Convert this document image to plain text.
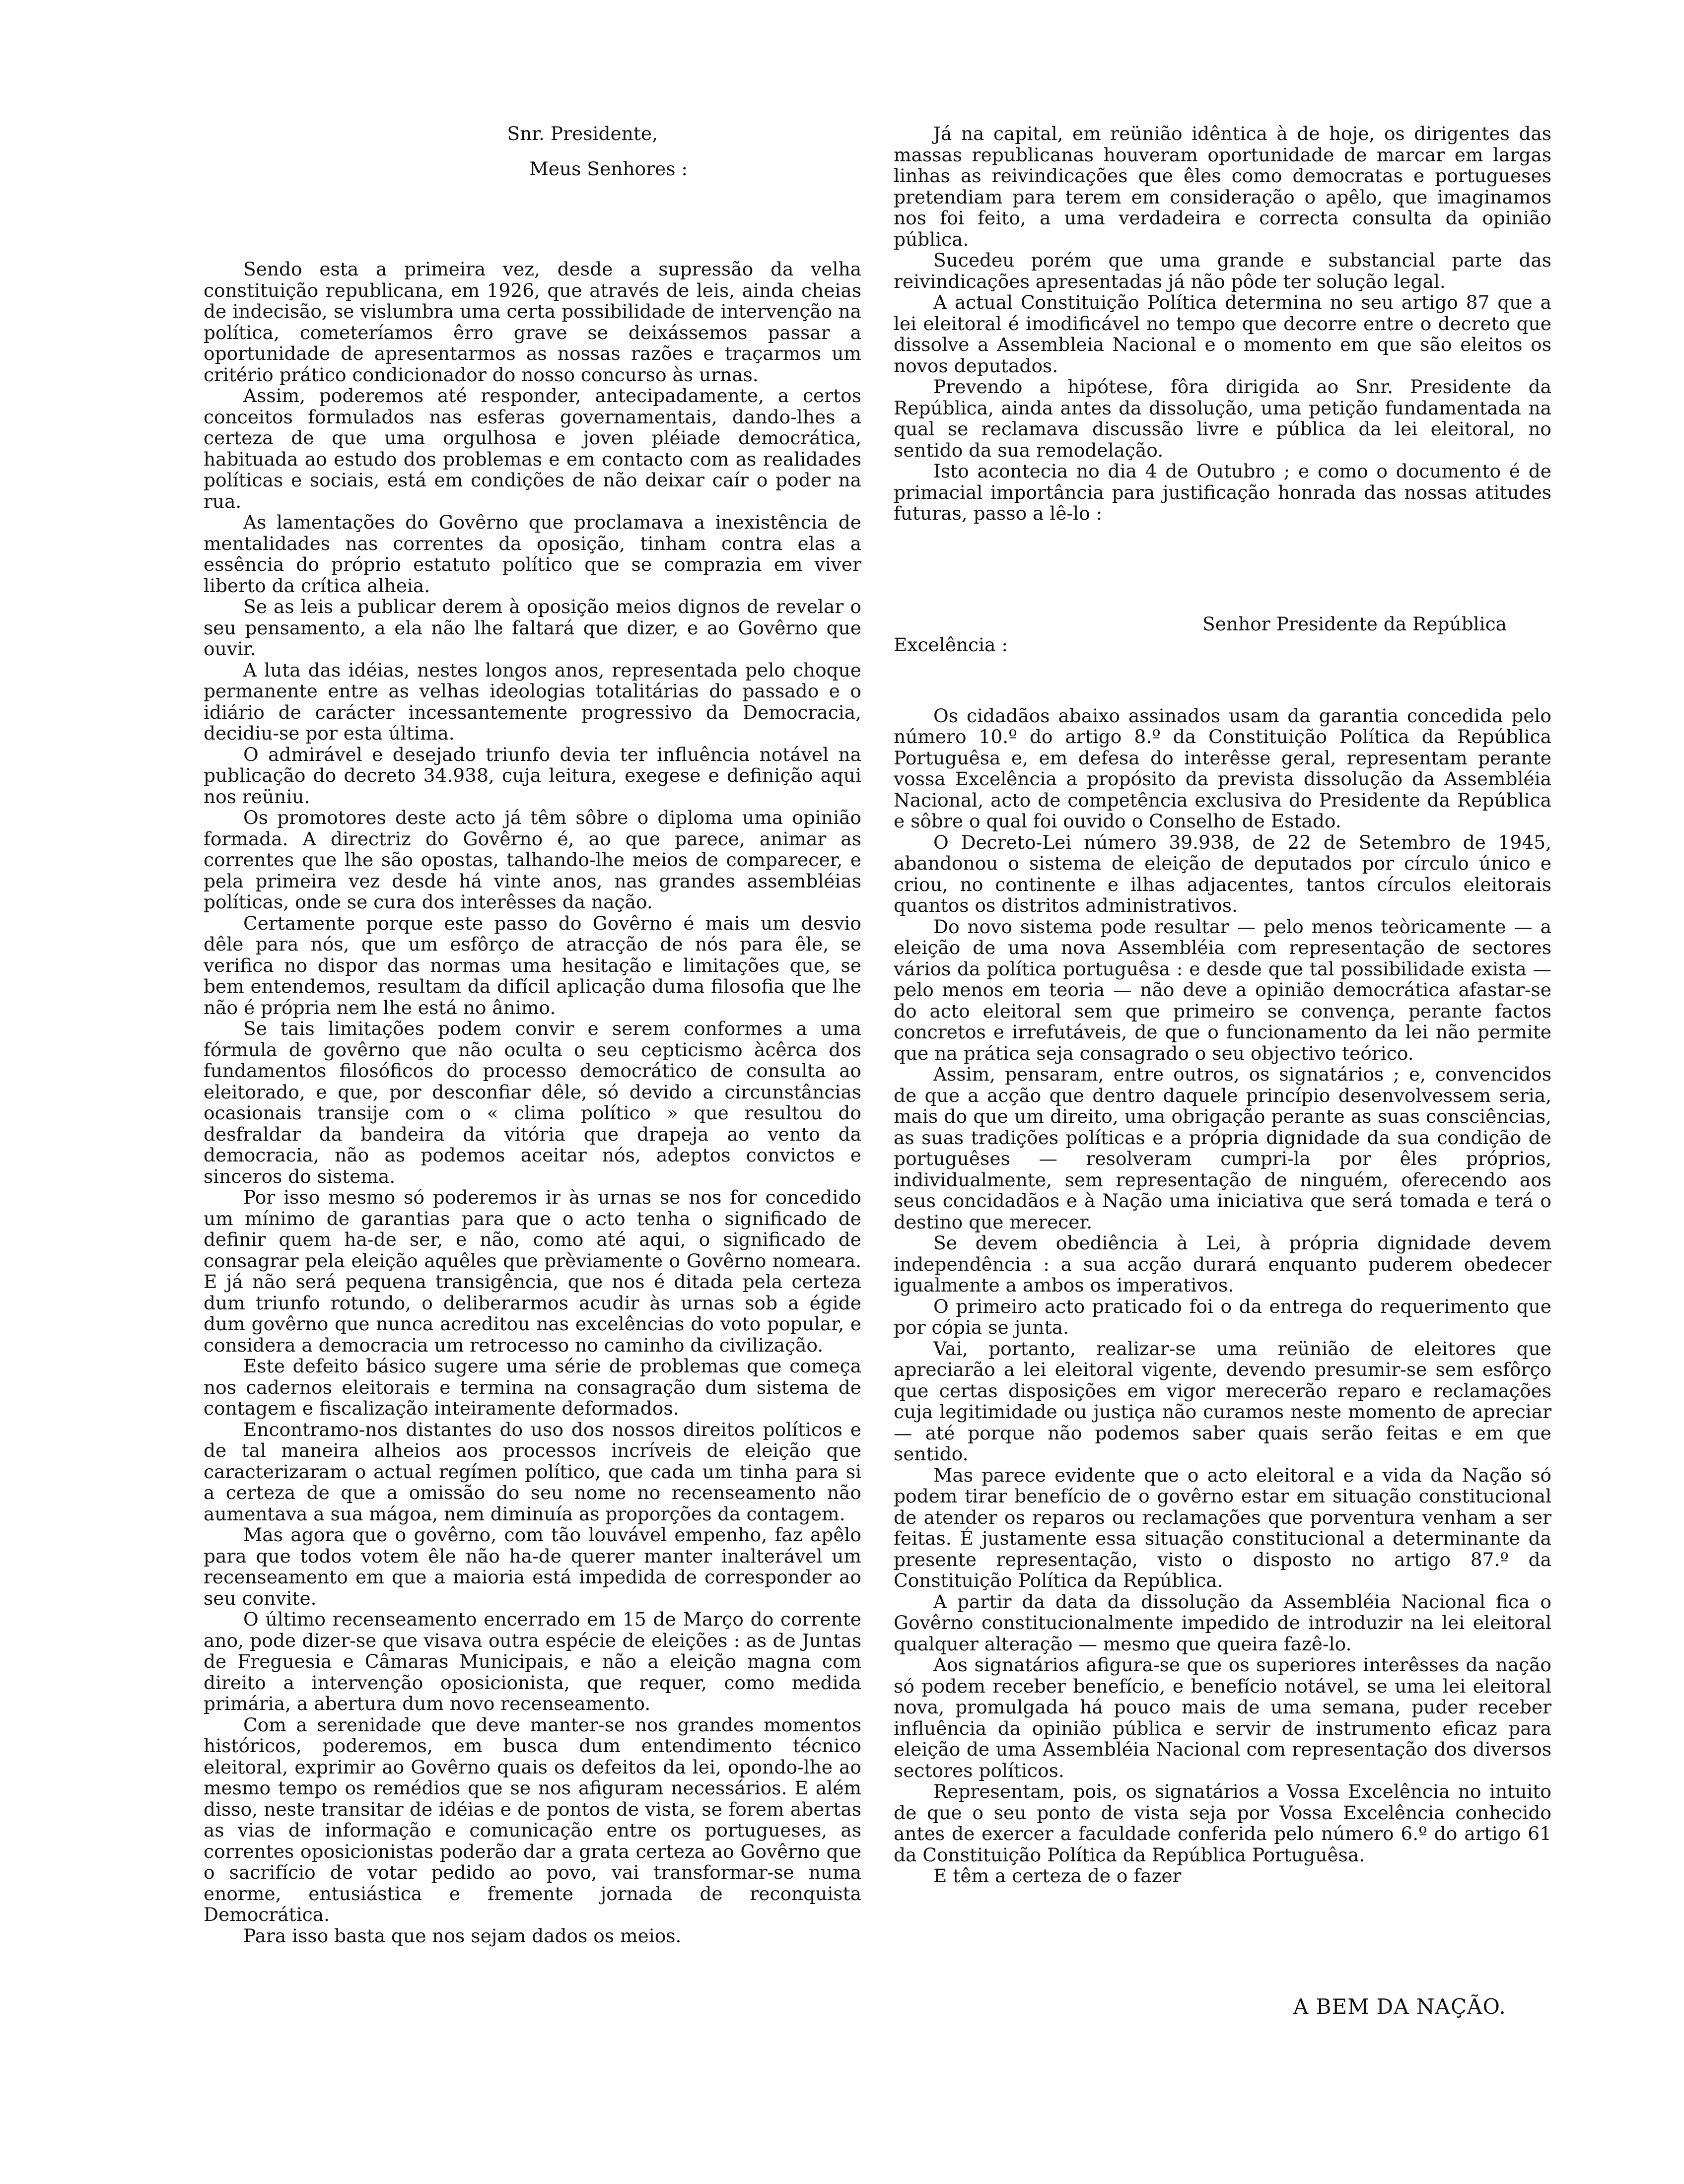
Snr. Presidente,

Meus Senhores :

Sendo esta a primeira vez, desde a supressão da velha constituição republicana, em 1926, que através de leis, ainda cheias de indecisão, se vislumbra uma certa possibilidade de intervenção na política, cometeríamos êrro grave se deixássemos passar a oportunidade de apresentarmos as nossas razões e traçarmos um critério prático condicionador do nosso concurso às urnas.

Assim, poderemos até responder, antecipadamente, a certos conceitos formulados nas esferas governamentais, dando-lhes a certeza de que uma orgulhosa e joven pléiade democrática, habituada ao estudo dos problemas e em contacto com as realidades políticas e sociais, está em condições de não deixar caír o poder na rua.

As lamentações do Govêrno que proclamava a inexistência de mentalidades nas correntes da oposição, tinham contra elas a essência do próprio estatuto político que se comprazia em viver liberto da crítica alheia.

Se as leis a publicar derem à oposição meios dignos de revelar o seu pensamento, a ela não lhe faltará que dizer, e ao Govêrno que ouvir.

A luta das idéias, nestes longos anos, representada pelo choque permanente entre as velhas ideologias totalitárias do passado e o idiário de carácter incessantemente progressivo da Democracia, decidiu-se por esta última.

O admirável e desejado triunfo devia ter influência notável na publicação do decreto 34.938, cuja leitura, exegese e definição aqui nos reüniu.

Os promotores deste acto já têm sôbre o diploma uma opinião formada. A directriz do Govêrno é, ao que parece, animar as correntes que lhe são opostas, talhando-lhe meios de comparecer, e pela primeira vez desde há vinte anos, nas grandes assembléias políticas, onde se cura dos interêsses da nação.

Certamente porque este passo do Govêrno é mais um desvio dêle para nós, que um esfôrço de atracção de nós para êle, se verifica no dispor das normas uma hesitação e limitações que, se bem entendemos, resultam da difícil aplicação duma filosofia que lhe não é própria nem lhe está no ânimo.

Se tais limitações podem convir e serem conformes a uma fórmula de govêrno que não oculta o seu cepticismo àcêrca dos fundamentos filosóficos do processo democrático de consulta ao eleitorado, e que, por desconfiar dêle, só devido a circunstâncias ocasionais transije com o « clima político » que resultou do desfraldar da bandeira da vitória que drapeja ao vento da democracia, não as podemos aceitar nós, adeptos convictos e sinceros do sistema.

Por isso mesmo só poderemos ir às urnas se nos for concedido um mínimo de garantias para que o acto tenha o significado de definir quem ha-de ser, e não, como até aqui, o significado de consagrar pela eleição aquêles que prèviamente o Govêrno nomeara. E já não será pequena transigência, que nos é ditada pela certeza dum triunfo rotundo, o deliberarmos acudir às urnas sob a égide dum govêrno que nunca acreditou nas excelências do voto popular, e considera a democracia um retrocesso no caminho da civilização.

Este defeito básico sugere uma série de problemas que começa nos cadernos eleitorais e termina na consagração dum sistema de contagem e fiscalização inteiramente deformados.

Encontramo-nos distantes do uso dos nossos direitos políticos e de tal maneira alheios aos processos incríveis de eleição que caracterizaram o actual regímen político, que cada um tinha para si a certeza de que a omissão do seu nome no recenseamento não aumentava a sua mágoa, nem diminuía as proporções da contagem.

Mas agora que o govêrno, com tão louvável empenho, faz apêlo para que todos votem êle não ha-de querer manter inalterável um recenseamento em que a maioria está impedida de corresponder ao seu convite.

O último recenseamento encerrado em 15 de Março do corrente ano, pode dizer-se que visava outra espécie de eleições : as de Juntas de Freguesia e Câmaras Municipais, e não a eleição magna com direito a intervenção oposicionista, que requer, como medida primária, a abertura dum novo recenseamento.

Com a serenidade que deve manter-se nos grandes momentos históricos, poderemos, em busca dum entendimento técnico eleitoral, exprimir ao Govêrno quais os defeitos da lei, opondo-lhe ao mesmo tempo os remédios que se nos afiguram necessários. E além disso, neste transitar de idéias e de pontos de vista, se forem abertas as vias de informação e comunicação entre os portugueses, as correntes oposicionistas poderão dar a grata certeza ao Govêrno que o sacrifício de votar pedido ao povo, vai transformar-se numa enorme, entusiástica e fremente jornada de reconquista Democrática.

Para isso basta que nos sejam dados os meios.

Já na capital, em reünião idêntica à de hoje, os dirigentes das massas republicanas houveram oportunidade de marcar em largas linhas as reivindicações que êles como democratas e portugueses pretendiam para terem em consideração o apêlo, que imaginamos nos foi feito, a uma verdadeira e correcta consulta da opinião pública.

Sucedeu porém que uma grande e substancial parte das reivindicações apresentadas já não pôde ter solução legal.

A actual Constituição Política determina no seu artigo 87 que a lei eleitoral é imodificável no tempo que decorre entre o decreto que dissolve a Assembleia Nacional e o momento em que são eleitos os novos deputados.

Prevendo a hipótese, fôra dirigida ao Snr. Presidente da República, ainda antes da dissolução, uma petição fundamentada na qual se reclamava discussão livre e pública da lei eleitoral, no sentido da sua remodelação.

Isto acontecia no dia 4 de Outubro ; e como o documento é de primacial importância para justificação honrada das nossas atitudes futuras, passo a lê-lo :

Senhor Presidente da República

Excelência :

Os cidadãos abaixo assinados usam da garantia concedida pelo número 10.º do artigo 8.º da Constituição Política da República Portuguêsa e, em defesa do interêsse geral, representam perante vossa Excelência a propósito da prevista dissolução da Assembléia Nacional, acto de competência exclusiva do Presidente da República e sôbre o qual foi ouvido o Conselho de Estado.

O Decreto-Lei número 39.938, de 22 de Setembro de 1945, abandonou o sistema de eleição de deputados por círculo único e criou, no continente e ilhas adjacentes, tantos círculos eleitorais quantos os distritos administrativos.

Do novo sistema pode resultar — pelo menos teòricamente — a eleição de uma nova Assembléia com representação de sectores vários da política portuguêsa : e desde que tal possibilidade exista — pelo menos em teoria — não deve a opinião democrática afastar-se do acto eleitoral sem que primeiro se convença, perante factos concretos e irrefutáveis, de que o funcionamento da lei não permite que na prática seja consagrado o seu objectivo teórico.

Assim, pensaram, entre outros, os signatários ; e, convencidos de que a acção que dentro daquele princípio desenvolvessem seria, mais do que um direito, uma obrigação perante as suas consciências, as suas tradições políticas e a própria dignidade da sua condição de portuguêses — resolveram cumpri-la por êles próprios, individualmente, sem representação de ninguém, oferecendo aos seus concidadãos e à Nação uma iniciativa que será tomada e terá o destino que merecer.

Se devem obediência à Lei, à própria dignidade devem independência : a sua acção durará enquanto puderem obedecer igualmente a ambos os imperativos.

O primeiro acto praticado foi o da entrega do requerimento que por cópia se junta.

Vai, portanto, realizar-se uma reünião de eleitores que apreciarão a lei eleitoral vigente, devendo presumir-se sem esfôrço que certas disposições em vigor merecerão reparo e reclamações cuja legitimidade ou justiça não curamos neste momento de apreciar — até porque não podemos saber quais serão feitas e em que sentido.

Mas parece evidente que o acto eleitoral e a vida da Nação só podem tirar benefício de o govêrno estar em situação constitucional de atender os reparos ou reclamações que porventura venham a ser feitas. É justamente essa situação constitucional a determinante da presente representação, visto o disposto no artigo 87.º da Constituição Política da República.

A partir da data da dissolução da Assembléia Nacional fica o Govêrno constitucionalmente impedido de introduzir na lei eleitoral qualquer alteração — mesmo que queira fazê-lo.

Aos signatários afigura-se que os superiores interêsses da nação só podem receber benefício, e benefício notável, se uma lei eleitoral nova, promulgada há pouco mais de uma semana, puder receber influência da opinião pública e servir de instrumento eficaz para eleição de uma Assembléia Nacional com representação dos diversos sectores políticos.

Representam, pois, os signatários a Vossa Excelência no intuito de que o seu ponto de vista seja por Vossa Excelência conhecido antes de exercer a faculdade conferida pelo número 6.º do artigo 61 da Constituição Política da República Portuguêsa.

E têm a certeza de o fazer

A BEM DA NAÇÃO.
